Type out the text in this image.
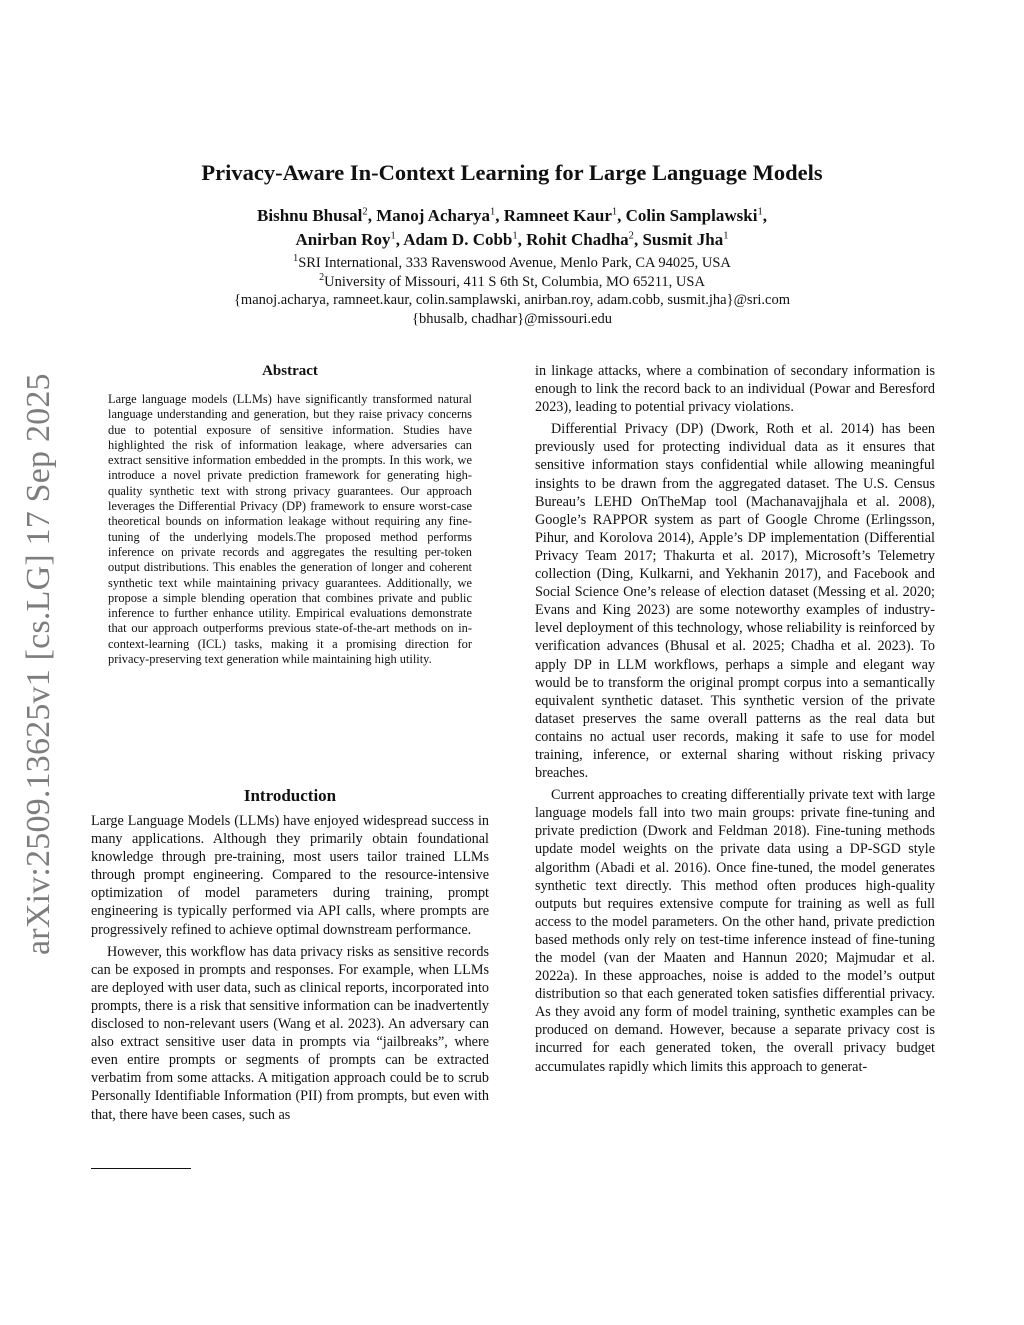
arXiv:2509.13625v1 [cs.LG] 17 Sep 2025
Privacy-Aware In-Context Learning for Large Language Models
Bishnu Bhusal$^2$, Manoj Acharya$^1$, Ramneet Kaur$^1$, Colin Samplawski$^1$,
Anirban Roy$^1$, Adam D. Cobb$^1$, Rohit Chadha$^2$, Susmit Jha$^1$
$^1$SRI International, 333 Ravenswood Avenue, Menlo Park, CA 94025, USA
$^2$University of Missouri, 411 S 6th St, Columbia, MO 65211, USA
{manoj.acharya, ramneet.kaur, colin.samplawski, anirban.roy, adam.cobb, susmit.jha}@sri.com
{bhusalb, chadhar}@missouri.edu
Abstract

Large language models (LLMs) have significantly transformed natural language understanding and generation, but they raise privacy concerns due to potential exposure of sensitive information. Studies have highlighted the risk of information leakage, where adversaries can extract sensitive information embedded in the prompts. In this work, we introduce a novel private prediction framework for generating high-quality synthetic text with strong privacy guarantees. Our approach leverages the Differential Privacy (DP) framework to ensure worst-case theoretical bounds on information leakage without requiring any fine-tuning of the underlying models.The proposed method performs inference on private records and aggregates the resulting per-token output distributions. This enables the generation of longer and coherent synthetic text while maintaining privacy guarantees. Additionally, we propose a simple blending operation that combines private and public inference to further enhance utility. Empirical evaluations demonstrate that our approach outperforms previous state-of-the-art methods on in-context-learning (ICL) tasks, making it a promising direction for privacy-preserving text generation while maintaining high utility.

Introduction

Large Language Models (LLMs) have enjoyed widespread success in many applications. Although they primarily obtain foundational knowledge through pre-training, most users tailor trained LLMs through prompt engineering. Compared to the resource-intensive optimization of model parameters during training, prompt engineering is typically performed via API calls, where prompts are progressively refined to achieve optimal downstream performance.

However, this workflow has data privacy risks as sensitive records can be exposed in prompts and responses. For example, when LLMs are deployed with user data, such as clinical reports, incorporated into prompts, there is a risk that sensitive information can be inadvertently disclosed to non-relevant users (Wang et al. 2023). An adversary can also extract sensitive user data in prompts via “jailbreaks”, where even entire prompts or segments of prompts can be extracted verbatim from some attacks. A mitigation approach could be to scrub Personally Identifiable Information (PII) from prompts, but even with that, there have been cases, such as

in linkage attacks, where a combination of secondary information is enough to link the record back to an individual (Powar and Beresford 2023), leading to potential privacy violations.

Differential Privacy (DP) (Dwork, Roth et al. 2014) has been previously used for protecting individual data as it ensures that sensitive information stays confidential while allowing meaningful insights to be drawn from the aggregated dataset. The U.S. Census Bureau’s LEHD OnTheMap tool (Machanavajjhala et al. 2008), Google’s RAPPOR system as part of Google Chrome (Erlingsson, Pihur, and Korolova 2014), Apple’s DP implementation (Differential Privacy Team 2017; Thakurta et al. 2017), Microsoft’s Telemetry collection (Ding, Kulkarni, and Yekhanin 2017), and Facebook and Social Science One’s release of election dataset (Messing et al. 2020; Evans and King 2023) are some noteworthy examples of industry-level deployment of this technology, whose reliability is reinforced by verification advances (Bhusal et al. 2025; Chadha et al. 2023). To apply DP in LLM workflows, perhaps a simple and elegant way would be to transform the original prompt corpus into a semantically equivalent synthetic dataset. This synthetic version of the private dataset preserves the same overall patterns as the real data but contains no actual user records, making it safe to use for model training, inference, or external sharing without risking privacy breaches.

Current approaches to creating differentially private text with large language models fall into two main groups: private fine-tuning and private prediction (Dwork and Feldman 2018). Fine-tuning methods update model weights on the private data using a DP-SGD style algorithm (Abadi et al. 2016). Once fine-tuned, the model generates synthetic text directly. This method often produces high-quality outputs but requires extensive compute for training as well as full access to the model parameters. On the other hand, private prediction based methods only rely on test-time inference instead of fine-tuning the model (van der Maaten and Hannun 2020; Majmudar et al. 2022a). In these approaches, noise is added to the model’s output distribution so that each generated token satisfies differential privacy. As they avoid any form of model training, synthetic examples can be produced on demand. However, because a separate privacy cost is incurred for each generated token, the overall privacy budget accumulates rapidly which limits this approach to generat-
